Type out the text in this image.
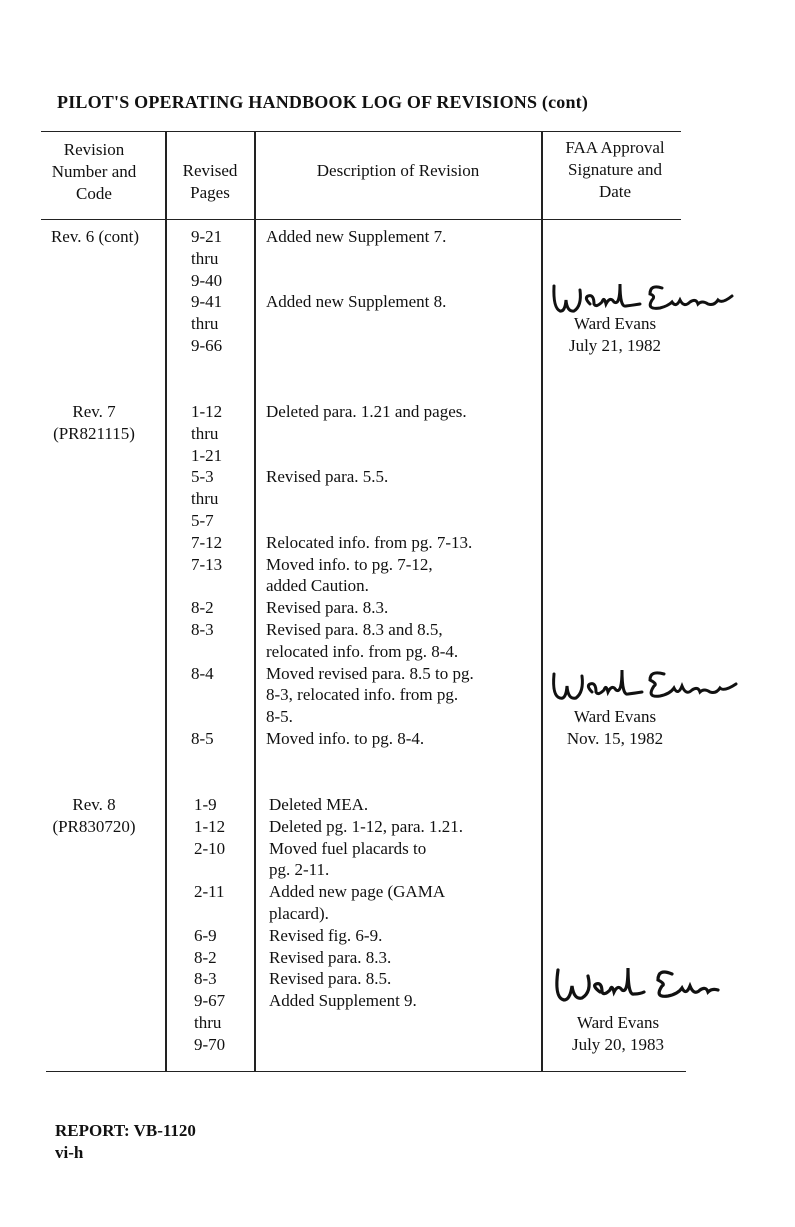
PILOT'S OPERATING HANDBOOK LOG OF REVISIONS (cont)
Revision
Number and
Code
Revised
Pages
Description of Revision
FAA Approval
Signature and
Date
Rev. 6 (cont)	9-21
thru
9-40
9-41
thru
9-66
Added new Supplement 7.
Added new Supplement 8.
Ward Evans
July 21, 1982
Rev. 7
(PR821115)
1-12
thru
1-21
5-3
thru
5-7
7-12
7-13
8-2
8-3
8-4
8-5
Deleted para. 1.21 and pages.
Revised para. 5.5.
Relocated info. from pg. 7-13.
Moved info. to pg. 7-12,
added Caution.
Revised para. 8.3.
Revised para. 8.3 and 8.5,
relocated info. from pg. 8-4.
Moved revised para. 8.5 to pg.
8-3, relocated info. from pg.
8-5.
Moved info. to pg. 8-4.
Ward Evans
Nov. 15, 1982
Rev. 8
(PR830720)
1-9
1-12
2-10
2-11
6-9
8-2
8-3
9-67
thru
9-70
Deleted MEA.
Deleted pg. 1-12, para. 1.21.
Moved fuel placards to
pg. 2-11.
Added new page (GAMA
placard).
Revised fig. 6-9.
Revised para. 8.3.
Revised para. 8.5.
Added Supplement 9.
Ward Evans
July 20, 1983
REPORT: VB-1120
vi-h
